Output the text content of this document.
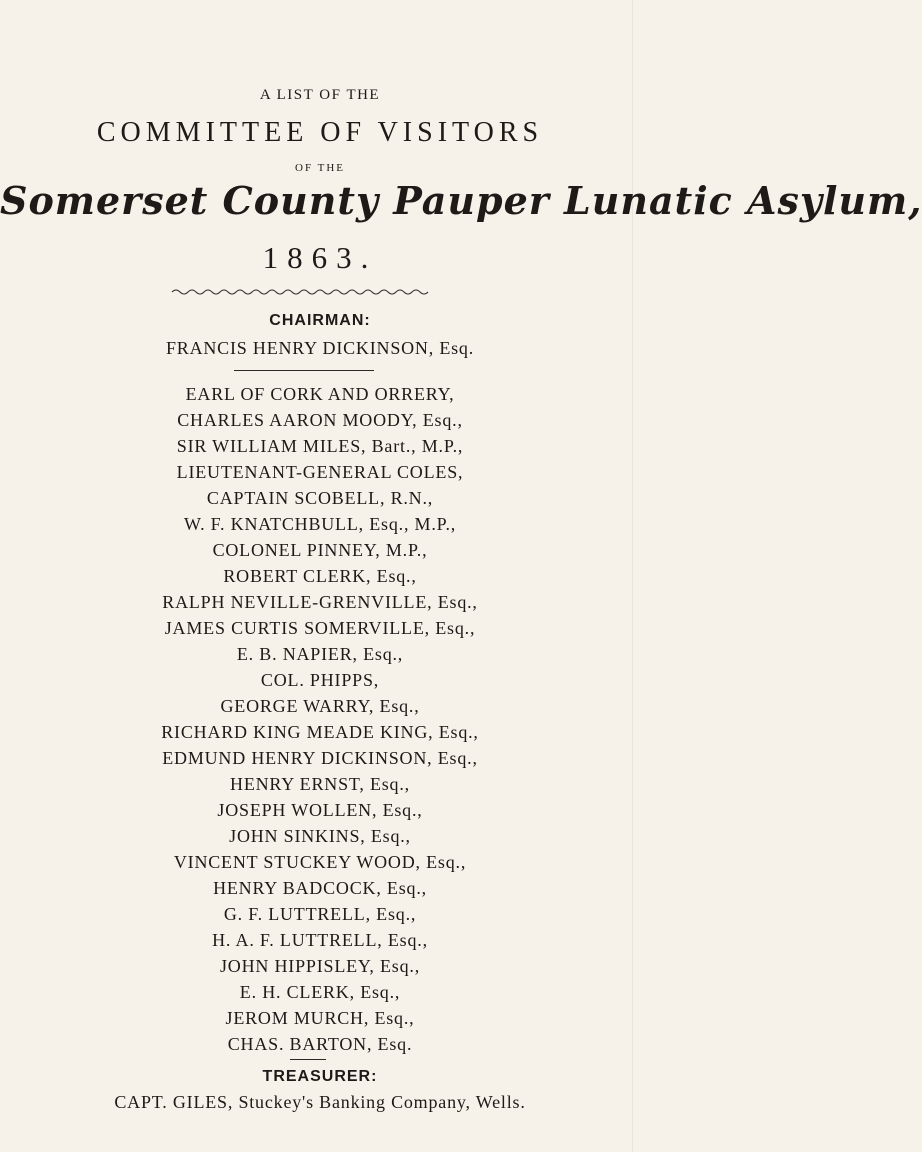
A LIST OF THE
COMMITTEE OF VISITORS
OF THE
Somerset County Pauper Lunatic Asylum,
1863.
CHAIRMAN:
FRANCIS HENRY DICKINSON, Esq.
EARL OF CORK AND ORRERY,
CHARLES AARON MOODY, Esq.,
SIR WILLIAM MILES, Bart., M.P.,
LIEUTENANT-GENERAL COLES,
CAPTAIN SCOBELL, R.N.,
W. F. KNATCHBULL, Esq., M.P.,
COLONEL PINNEY, M.P.,
ROBERT CLERK, Esq.,
RALPH NEVILLE-GRENVILLE, Esq.,
JAMES CURTIS SOMERVILLE, Esq.,
E. B. NAPIER, Esq.,
COL. PHIPPS,
GEORGE WARRY, Esq.,
RICHARD KING MEADE KING, Esq.,
EDMUND HENRY DICKINSON, Esq.,
HENRY ERNST, Esq.,
JOSEPH WOLLEN, Esq.,
JOHN SINKINS, Esq.,
VINCENT STUCKEY WOOD, Esq.,
HENRY BADCOCK, Esq.,
G. F. LUTTRELL, Esq.,
H. A. F. LUTTRELL, Esq.,
JOHN HIPPISLEY, Esq.,
E. H. CLERK, Esq.,
JEROM MURCH, Esq.,
CHAS. BARTON, Esq.
TREASURER:
CAPT. GILES, Stuckey's Banking Company, Wells.
